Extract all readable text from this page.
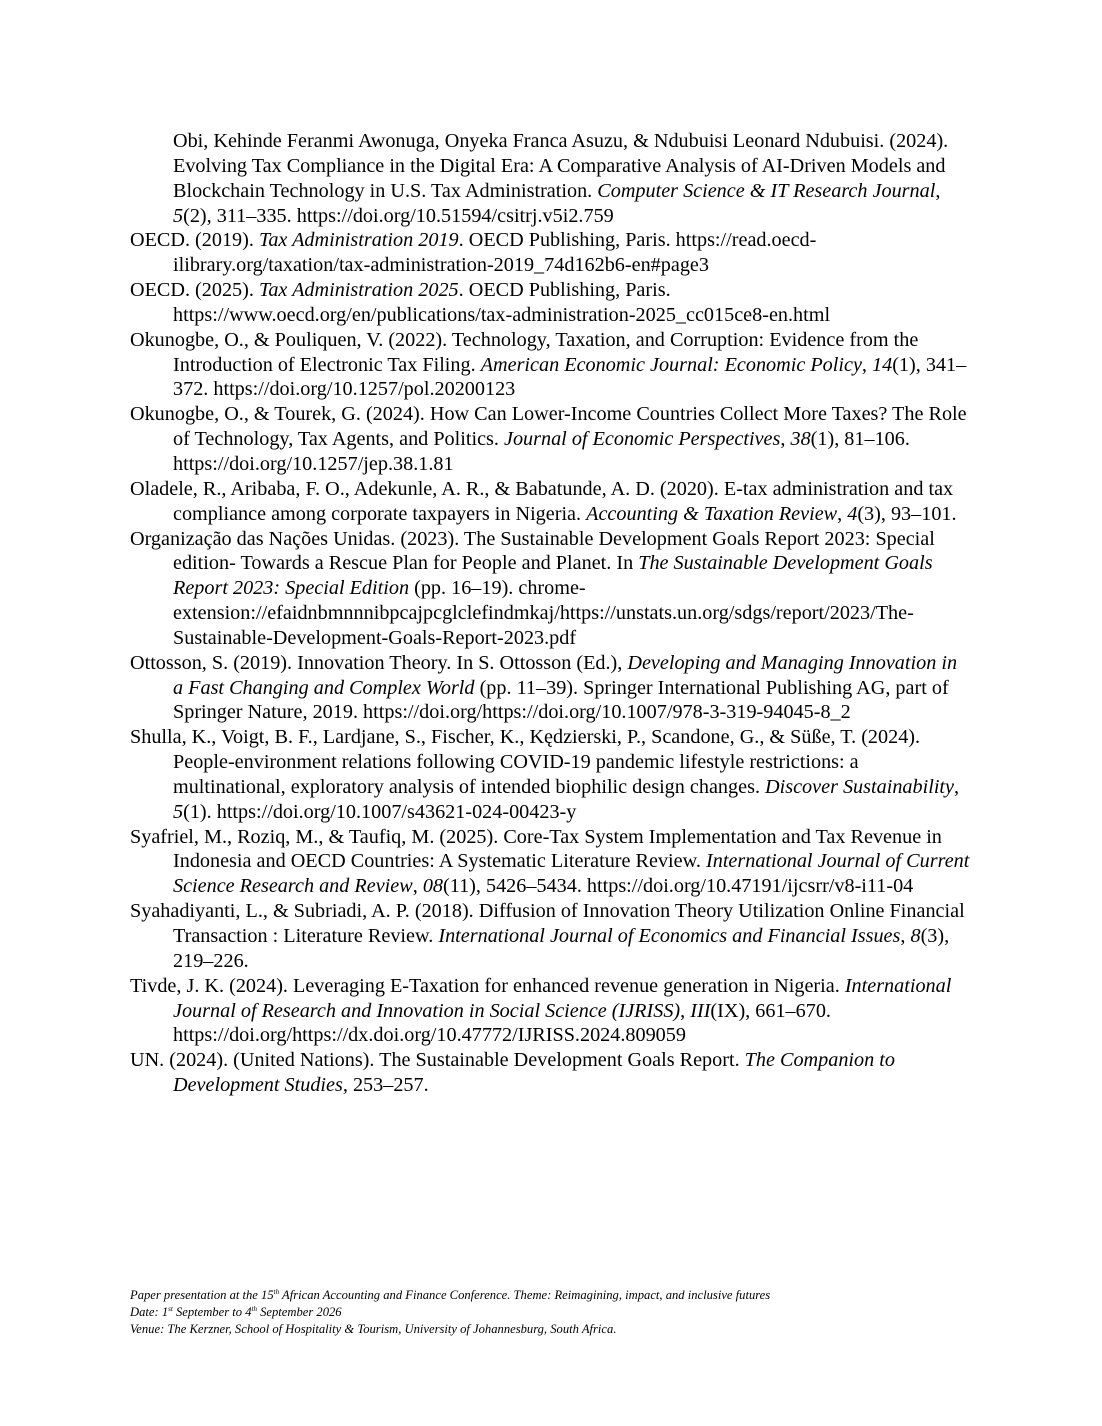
Obi, Kehinde Feranmi Awonuga, Onyeka Franca Asuzu, & Ndubuisi Leonard Ndubuisi. (2024). Evolving Tax Compliance in the Digital Era: A Comparative Analysis of AI-Driven Models and Blockchain Technology in U.S. Tax Administration. Computer Science & IT Research Journal, 5(2), 311–335. https://doi.org/10.51594/csitrj.v5i2.759

OECD. (2019). Tax Administration 2019. OECD Publishing, Paris. https://read.oecd-ilibrary.org/taxation/tax-administration-2019_74d162b6-en#page3

OECD. (2025). Tax Administration 2025. OECD Publishing, Paris. https://www.oecd.org/en/publications/tax-administration-2025_cc015ce8-en.html

Okunogbe, O., & Pouliquen, V. (2022). Technology, Taxation, and Corruption: Evidence from the Introduction of Electronic Tax Filing. American Economic Journal: Economic Policy, 14(1), 341–372. https://doi.org/10.1257/pol.20200123

Okunogbe, O., & Tourek, G. (2024). How Can Lower-Income Countries Collect More Taxes? The Role of Technology, Tax Agents, and Politics. Journal of Economic Perspectives, 38(1), 81–106. https://doi.org/10.1257/jep.38.1.81

Oladele, R., Aribaba, F. O., Adekunle, A. R., & Babatunde, A. D. (2020). E-tax administration and tax compliance among corporate taxpayers in Nigeria. Accounting & Taxation Review, 4(3), 93–101.

Organização das Nações Unidas. (2023). The Sustainable Development Goals Report 2023: Special edition- Towards a Rescue Plan for People and Planet. In The Sustainable Development Goals Report 2023: Special Edition (pp. 16–19). chrome-extension://efaidnbmnnnibpcajpcglclefindmkaj/https://unstats.un.org/sdgs/report/2023/The-Sustainable-Development-Goals-Report-2023.pdf

Ottosson, S. (2019). Innovation Theory. In S. Ottosson (Ed.), Developing and Managing Innovation in a Fast Changing and Complex World (pp. 11–39). Springer International Publishing AG, part of Springer Nature, 2019. https://doi.org/https://doi.org/10.1007/978-3-319-94045-8_2

Shulla, K., Voigt, B. F., Lardjane, S., Fischer, K., Kędzierski, P., Scandone, G., & Süße, T. (2024). People-environment relations following COVID-19 pandemic lifestyle restrictions: a multinational, exploratory analysis of intended biophilic design changes. Discover Sustainability, 5(1). https://doi.org/10.1007/s43621-024-00423-y

Syafriel, M., Roziq, M., & Taufiq, M. (2025). Core-Tax System Implementation and Tax Revenue in Indonesia and OECD Countries: A Systematic Literature Review. International Journal of Current Science Research and Review, 08(11), 5426–5434. https://doi.org/10.47191/ijcsrr/v8-i11-04

Syahadiyanti, L., & Subriadi, A. P. (2018). Diffusion of Innovation Theory Utilization Online Financial Transaction : Literature Review. International Journal of Economics and Financial Issues, 8(3), 219–226.

Tivde, J. K. (2024). Leveraging E-Taxation for enhanced revenue generation in Nigeria. International Journal of Research and Innovation in Social Science (IJRISS), III(IX), 661–670. https://doi.org/https://dx.doi.org/10.47772/IJRISS.2024.809059

UN. (2024). (United Nations). The Sustainable Development Goals Report. The Companion to Development Studies, 253–257.

Paper presentation at the 15th African Accounting and Finance Conference. Theme: Reimagining, impact, and inclusive futures
Date: 1st September to 4th September 2026
Venue: The Kerzner, School of Hospitality & Tourism, University of Johannesburg, South Africa.
